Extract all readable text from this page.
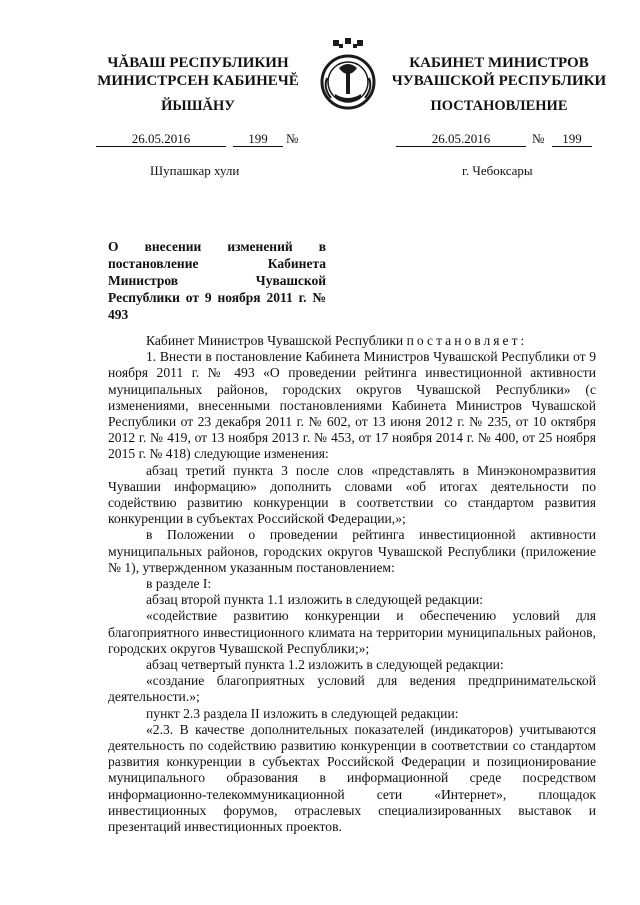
ЧĂВАШ РЕСПУБЛИКИН
МИНИСТРСЕН КАБИНЕЧĔ
ЙЫШĂНУ
КАБИНЕТ МИНИСТРОВ
ЧУВАШСКОЙ РЕСПУБЛИКИ
ПОСТАНОВЛЕНИЕ
26.05.2016	199	№	26.05.2016	№	199
Шупашкар хули	г. Чебоксары
О внесении изменений в постановление Кабинета Министров Чувашской Республики от 9 ноября 2011 г. № 493

Кабинет Министров Чувашской Республики постановляет:

1. Внести в постановление Кабинета Министров Чувашской Республики от 9 ноября 2011 г. № 493 «О проведении рейтинга инвестиционной активности муниципальных районов, городских округов Чувашской Республики» (с изменениями, внесенными постановлениями Кабинета Министров Чувашской Республики от 23 декабря 2011 г. № 602, от 13 июня 2012 г. № 235, от 10 октября 2012 г. № 419, от 13 ноября 2013 г. № 453, от 17 ноября 2014 г. № 400, от 25 ноября 2015 г. № 418) следующие изменения:

абзац третий пункта 3 после слов «представлять в Минэкономразвития Чувашии информацию» дополнить словами «об итогах деятельности по содействию развитию конкуренции в соответствии со стандартом развития конкуренции в субъектах Российской Федерации,»;

в Положении о проведении рейтинга инвестиционной активности муниципальных районов, городских округов Чувашской Республики (приложение № 1), утвержденном указанным постановлением:

в разделе I:

абзац второй пункта 1.1 изложить в следующей редакции:

«содействие развитию конкуренции и обеспечению условий для благоприятного инвестиционного климата на территории муниципальных районов, городских округов Чувашской Республики;»;

абзац четвертый пункта 1.2 изложить в следующей редакции:

«создание благоприятных условий для ведения предпринимательской деятельности.»;

пункт 2.3 раздела II изложить в следующей редакции:

«2.3. В качестве дополнительных показателей (индикаторов) учитываются деятельность по содействию развитию конкуренции в соответствии со стандартом развития конкуренции в субъектах Российской Федерации и позиционирование муниципального образования в информационной среде посредством информационно-телекоммуникационной сети «Интернет», площадок инвестиционных форумов, отраслевых специализированных выставок и презентаций инвестиционных проектов.
